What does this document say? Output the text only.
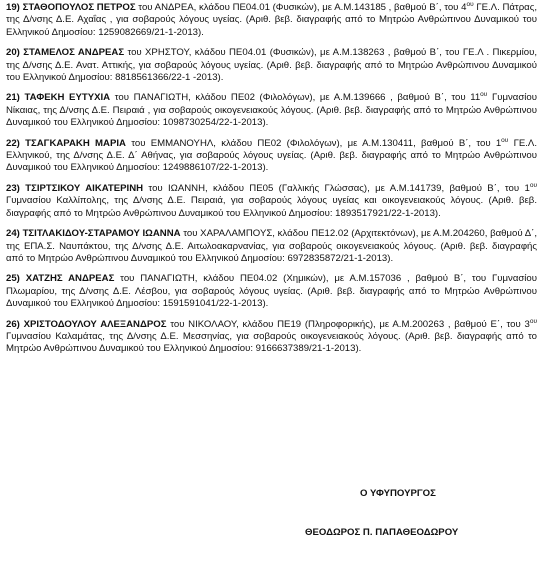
19) ΣΤΑΘΟΠΟΥΛΟΣ ΠΕΤΡΟΣ του ΑΝΔΡΕΑ, κλάδου ΠΕ04.01 (Φυσικών), με Α.Μ.143185 , βαθμού Β΄, του $4^{o\upsilon}$ ΓΕ.Λ. Πάτρας, της Δ/νσης Δ.Ε. Αχαΐας , για σοβαρούς λόγους υγείας. (Αριθ. βεβ. διαγραφής από το Μητρώο Ανθρώπινου Δυναμικού του Ελληνικού Δημοσίου: 1259082669/21-1-2013).

20) ΣΤΑΜΕΛΟΣ ΑΝΔΡΕΑΣ του ΧΡΗΣΤΟΥ, κλάδου ΠΕ04.01 (Φυσικών), με Α.Μ.138263 , βαθμού Β΄, του ΓΕ.Λ . Πικερμίου, της Δ/νσης Δ.Ε. Ανατ. Αττικής, για σοβαρούς λόγους υγείας. (Αριθ. βεβ. διαγραφής από το Μητρώο Ανθρώπινου Δυναμικού του Ελληνικού Δημοσίου: 8818561366/22-1 -2013).

21) ΤΑΦΕΚΗ ΕΥΤΥΧΙΑ του ΠΑΝΑΓΙΩΤΗ, κλάδου ΠΕ02 (Φιλολόγων), με Α.Μ.139666 , βαθμού Β΄, του $11^{o\upsilon}$ Γυμνασίου Νίκαιας, της Δ/νσης Δ.Ε. Πειραιά , για σοβαρούς οικογενειακούς λόγους. (Αριθ. βεβ. διαγραφής από το Μητρώο Ανθρώπινου Δυναμικού του Ελληνικού Δημοσίου: 1098730254/22-1-2013).

22) ΤΣΑΓΚΑΡΑΚΗ ΜΑΡΙΑ του ΕΜΜΑΝΟΥΗΛ, κλάδου ΠΕ02 (Φιλολόγων), με Α.Μ.130411, βαθμού Β΄, του $1^{o\upsilon}$ ΓΕ.Λ. Ελληνικού, της Δ/νσης Δ.Ε. Δ΄ Αθήνας, για σοβαρούς λόγους υγείας. (Αριθ. βεβ. διαγραφής από το Μητρώο Ανθρώπινου Δυναμικού του Ελληνικού Δημοσίου: 1249886107/22-1-2013).

23) ΤΣΙΡΤΣΙΚΟΥ ΑΙΚΑΤΕΡΙΝΗ του ΙΩΑΝΝΗ, κλάδου ΠΕ05 (Γαλλικής Γλώσσας), με Α.Μ.141739, βαθμού Β΄, του $1^{o\upsilon}$ Γυμνασίου Καλλίπολης, της Δ/νσης Δ.Ε. Πειραιά, για σοβαρούς λόγους υγείας και οικογενειακούς λόγους. (Αριθ. βεβ. διαγραφής από το Μητρώο Ανθρώπινου Δυναμικού του Ελληνικού Δημοσίου: 1893517921/22-1-2013).

24) ΤΣΙΤΛΑΚΙΔΟΥ-ΣΤΑΡΑΜΟΥ ΙΩΑΝΝΑ του ΧΑΡΑΛΑΜΠΟΥΣ, κλάδου ΠΕ12.02 (Αρχιτεκτόνων), με Α.Μ.204260, βαθμού Δ΄, της ΕΠΑ.Σ. Ναυπάκτου, της Δ/νσης Δ.Ε. Αιτωλοακαρνανίας, για σοβαρούς οικογενειακούς λόγους. (Αριθ. βεβ. διαγραφής από το Μητρώο Ανθρώπινου Δυναμικού του Ελληνικού Δημοσίου: 6972835872/21-1-2013).

25) ΧΑΤΖΗΣ ΑΝΔΡΕΑΣ του ΠΑΝΑΓΙΩΤΗ, κλάδου ΠΕ04.02 (Χημικών), με Α.Μ.157036 , βαθμού Β΄, του Γυμνασίου Πλωμαρίου, της Δ/νσης Δ.Ε. Λέσβου, για σοβαρούς λόγους υγείας. (Αριθ. βεβ. διαγραφής από το Μητρώο Ανθρώπινου Δυναμικού του Ελληνικού Δημοσίου: 1591591041/22-1-2013).

26) ΧΡΙΣΤΟΔΟΥΛΟΥ ΑΛΕΞΑΝΔΡΟΣ του ΝΙΚΟΛΑΟΥ, κλάδου ΠΕ19 (Πληροφορικής), με Α.Μ.200263 , βαθμού Ε΄, του $3^{o\upsilon}$ Γυμνασίου Καλαμάτας, της Δ/νσης Δ.Ε. Μεσσηνίας, για σοβαρούς οικογενειακούς λόγους. (Αριθ. βεβ. διαγραφής από το Μητρώο Ανθρώπινου Δυναμικού του Ελληνικού Δημοσίου: 9166637389/21-1-2013).

Ο ΥΦΥΠΟΥΡΓΟΣ
ΘΕΟΔΩΡΟΣ Π. ΠΑΠΑΘΕΟΔΩΡΟΥ
